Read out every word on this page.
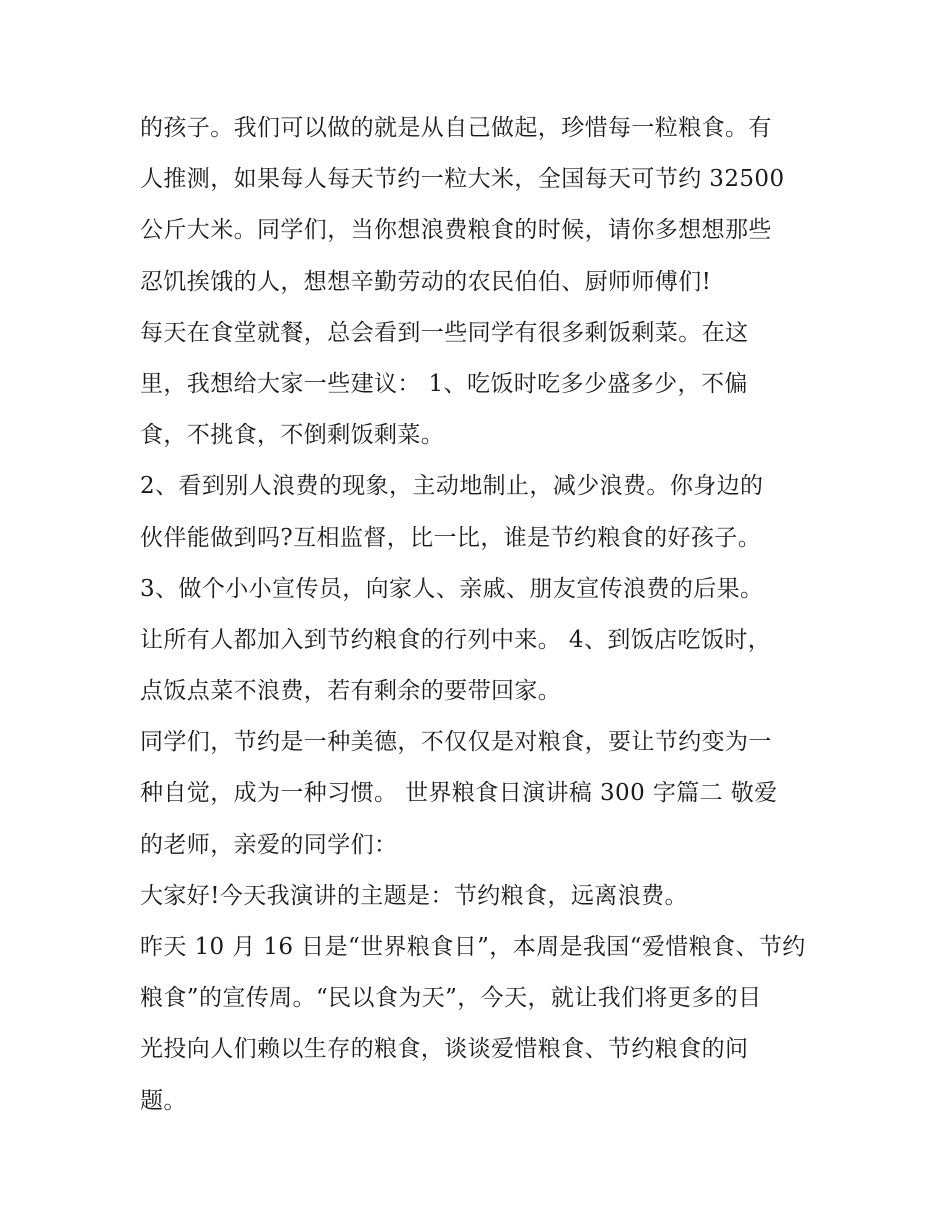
的孩子。我们可以做的就是从自己做起，珍惜每一粒粮食。有
人推测，如果每人每天节约一粒大米，全国每天可节约 32500
公斤大米。同学们，当你想浪费粮食的时候，请你多想想那些
忍饥挨饿的人，想想辛勤劳动的农民伯伯、厨师师傅们!
每天在食堂就餐，总会看到一些同学有很多剩饭剩菜。在这
里，我想给大家一些建议： 1、吃饭时吃多少盛多少，不偏
食，不挑食，不倒剩饭剩菜。
2、看到别人浪费的现象，主动地制止，减少浪费。你身边的
伙伴能做到吗?互相监督，比一比，谁是节约粮食的好孩子。
3、做个小小宣传员，向家人、亲戚、朋友宣传浪费的后果。
让所有人都加入到节约粮食的行列中来。 4、到饭店吃饭时，
点饭点菜不浪费，若有剩余的要带回家。
同学们，节约是一种美德，不仅仅是对粮食，要让节约变为一
种自觉，成为一种习惯。 世界粮食日演讲稿 300 字篇二 敬爱
的老师，亲爱的同学们：
大家好!今天我演讲的主题是：节约粮食，远离浪费。
昨天 10 月 16 日是“世界粮食日”，本周是我国“爱惜粮食、节约
粮食”的宣传周。“民以食为天”，今天，就让我们将更多的目
光投向人们赖以生存的粮食，谈谈爱惜粮食、节约粮食的问
题。
